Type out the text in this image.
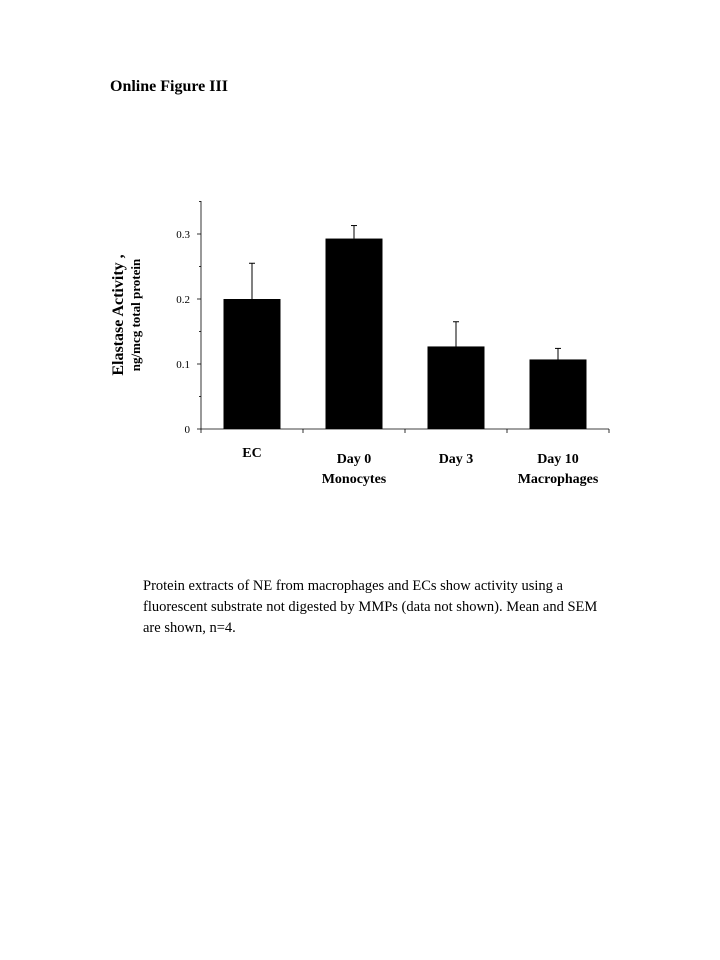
Online Figure III
Elastase Activity , ng/mcg total protein
0
0.1
0.2
0.3
EC	Day 0
Monocytes
Day 3	Day 10
Macrophages
Protein extracts of NE from macrophages and ECs show activity using a fluorescent substrate not digested by MMPs (data not shown). Mean and SEM are shown, n=4.
